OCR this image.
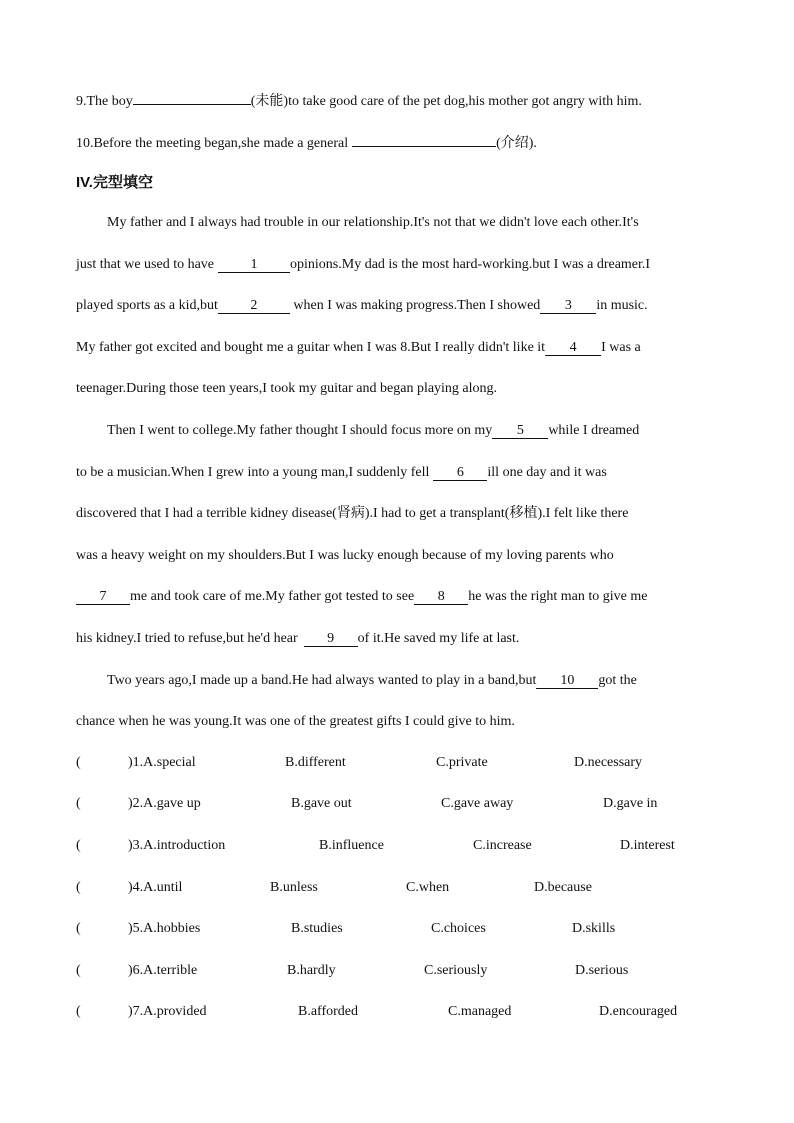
9.The boy	(未能)to take good care of the pet dog,his mother got angry with him.
10.Before the meeting began,she made a general	(介绍).
IV.完型填空
My father and I always had trouble in our relationship.It's not that we didn't love each other.It's
just that we used to have	1 opinions.My dad is the most hard-working.but I was a dreamer.I
played sports as a kid,but 2 when I was making progress.Then I showed 3 in music.
My father got excited and bought me a guitar when I was 8.But I really didn't like it 4 I was a
teenager.During those teen years,I took my guitar and began playing along.
Then I went to college.My father thought I should focus more on my 5 while I dreamed
to be a musician.When I grew into a young man,I suddenly fell 6 ill one day and it was
discovered that I had a terrible kidney disease(肾病).I had to get a transplant(移植).I felt like there
was a heavy weight on my shoulders.But I was lucky enough because of my loving parents who
7 me and took care of me.My father got tested to see 8 he was the right man to give me
his kidney.I tried to refuse,but he'd hear 9 of it.He saved my life at last.
Two years ago,I made up a band.He had always wanted to play in a band,but 10 got the
chance when he was young.It was one of the greatest gifts I could give to him.
(	)1.A.special	B.different	C.private	D.necessary
(	)2.A.gave up	B.gave out	C.gave away	D.gave in
(	)3.A.introduction	B.influence	C.increase	D.interest
(	)4.A.until	B.unless	C.when	D.because
(	)5.A.hobbies	B.studies	C.choices	D.skills
(	)6.A.terrible	B.hardly	C.seriously	D.serious
(	)7.A.provided	B.afforded	C.managed	D.encouraged
